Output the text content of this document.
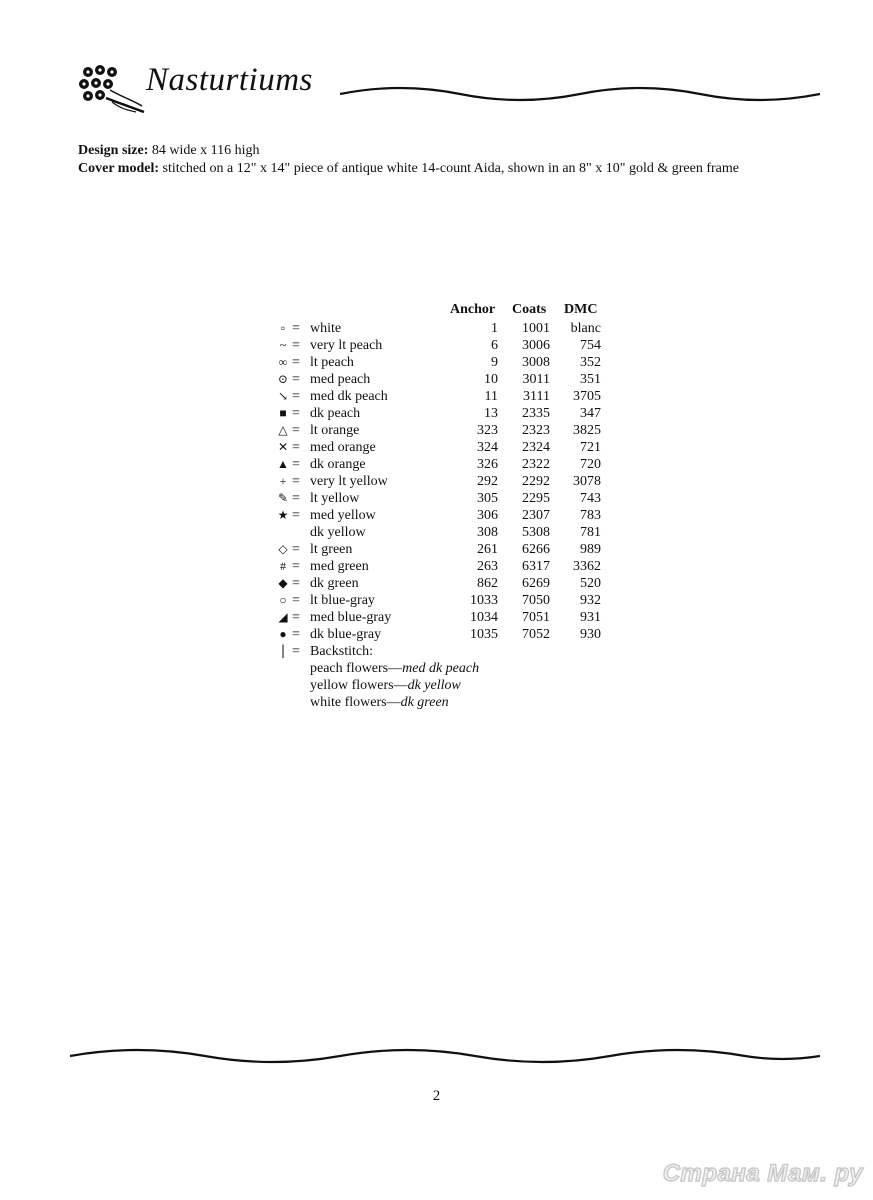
Nasturtiums
Design size: 84 wide x 116 high
Cover model: stitched on a 12" x 14" piece of antique white 14-count Aida, shown in an 8" x 10" gold & green frame
Anchor Coats DMC
▫ = white	1	1001	blanc
~ = very lt peach	6	3006	754
∞ = lt peach	9	3008	352
⊙ = med peach	10	3011	351
↘ = med dk peach	11	3111	3705
■ = dk peach	13	2335	347
△ = lt orange	323	2323	3825
✕ = med orange	324	2324	721
▲ = dk orange	326	2322	720
+ = very lt yellow	292	2292	3078
✎ = lt yellow	305	2295	743
★ = med yellow	306	2307	783
dk yellow	308	5308	781
◇ = lt green	261	6266	989
# = med green	263	6317	3362
◆ = dk green	862	6269	520
○ = lt blue-gray	1033	7050	932
◢ = med blue-gray	1034	7051	931
● = dk blue-gray	1035	7052	930
| = Backstitch:
peach flowers—med dk peach
yellow flowers—dk yellow
white flowers—dk green
2
Страна Мам. ру
